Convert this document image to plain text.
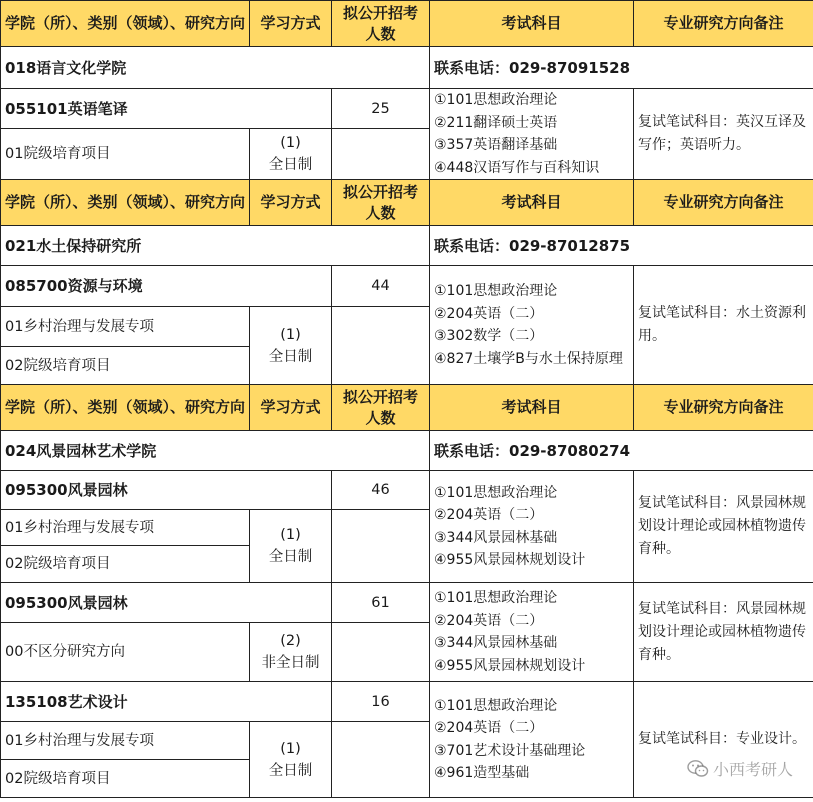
学院（所）、类别（领域）、研究方向	学习方式	拟公开招考人数	考试科目	专业研究方向备注
018语言文化学院			联系电话：029-87091528	
055101英语笔译		25	①101思想政治理论
②211翻译硕士英语
③357英语翻译基础
④448汉语写作与百科知识	复试笔试科目：英汉互译及写作；英语听力。
01院级培育项目	(1)
全日制			

学院（所）、类别（领域）、研究方向	学习方式	拟公开招考人数	考试科目	专业研究方向备注
021水土保持研究所			联系电话：029-87012875	
085700资源与环境		44	①101思想政治理论
②204英语（二）
③302数学（二）
④827土壤学B与水土保持原理	复试笔试科目：水土资源利用。
01乡村治理与发展专项	(1)
全日制			

02院级培育项目				
学院（所）、类别（领域）、研究方向	学习方式	拟公开招考人数	考试科目	专业研究方向备注
024风景园林艺术学院			联系电话：029-87080274	
095300风景园林		46	①101思想政治理论
②204英语（二）
③344风景园林基础
④955风景园林规划设计	复试笔试科目：风景园林规划设计理论或园林植物遗传育种。
01乡村治理与发展专项	(1)
全日制			

02院级培育项目				
095300风景园林		61	①101思想政治理论
②204英语（二）
③344风景园林基础
④955风景园林规划设计	复试笔试科目：风景园林规划设计理论或园林植物遗传育种。
00不区分研究方向	(2)
非全日制			

135108艺术设计		16	①101思想政治理论
②204英语（二）
③701艺术设计基础理论
④961造型基础	复试笔试科目：专业设计。
01乡村治理与发展专项	(1)
全日制			

02院级培育项目					小西考研人
